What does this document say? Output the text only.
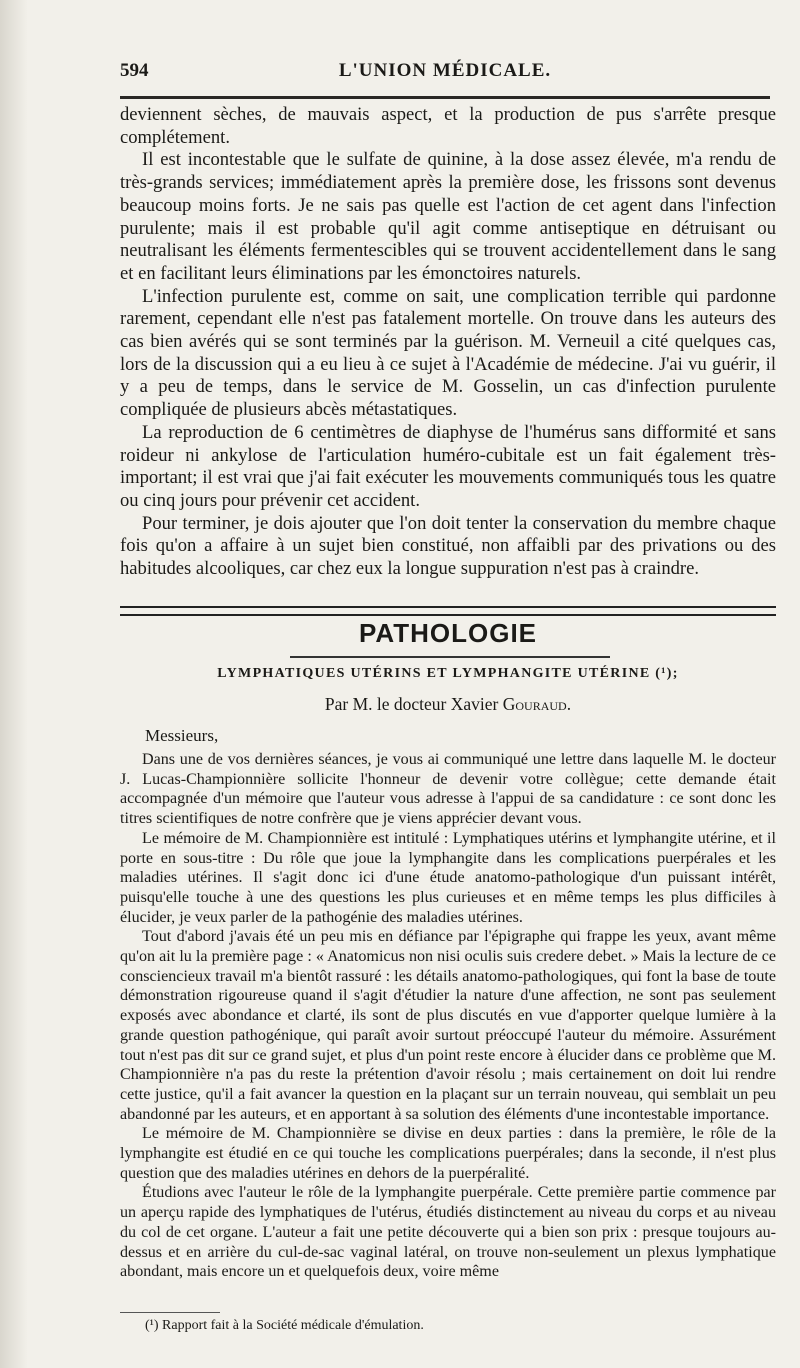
594	L'UNION MÉDICALE.

deviennent sèches, de mauvais aspect, et la production de pus s'arrête presque complétement.

Il est incontestable que le sulfate de quinine, à la dose assez élevée, m'a rendu de très-grands services; immédiatement après la première dose, les frissons sont devenus beaucoup moins forts. Je ne sais pas quelle est l'action de cet agent dans l'infection purulente; mais il est probable qu'il agit comme antiseptique en détruisant ou neutralisant les éléments fermentescibles qui se trouvent accidentellement dans le sang et en facilitant leurs éliminations par les émonctoires naturels.

L'infection purulente est, comme on sait, une complication terrible qui pardonne rarement, cependant elle n'est pas fatalement mortelle. On trouve dans les auteurs des cas bien avérés qui se sont terminés par la guérison. M. Verneuil a cité quelques cas, lors de la discussion qui a eu lieu à ce sujet à l'Académie de médecine. J'ai vu guérir, il y a peu de temps, dans le service de M. Gosselin, un cas d'infection purulente compliquée de plusieurs abcès métastatiques.

La reproduction de 6 centimètres de diaphyse de l'humérus sans difformité et sans roideur ni ankylose de l'articulation huméro-cubitale est un fait également très-important; il est vrai que j'ai fait exécuter les mouvements communiqués tous les quatre ou cinq jours pour prévenir cet accident.

Pour terminer, je dois ajouter que l'on doit tenter la conservation du membre chaque fois qu'on a affaire à un sujet bien constitué, non affaibli par des privations ou des habitudes alcooliques, car chez eux la longue suppuration n'est pas à craindre.

PATHOLOGIE
LYMPHATIQUES UTÉRINS ET LYMPHANGITE UTÉRINE (¹);
Par M. le docteur Xavier Gouraud.
Messieurs,

Dans une de vos dernières séances, je vous ai communiqué une lettre dans laquelle M. le docteur J. Lucas-Championnière sollicite l'honneur de devenir votre collègue; cette demande était accompagnée d'un mémoire que l'auteur vous adresse à l'appui de sa candidature : ce sont donc les titres scientifiques de notre confrère que je viens apprécier devant vous.

Le mémoire de M. Championnière est intitulé : Lymphatiques utérins et lymphangite utérine, et il porte en sous-titre : Du rôle que joue la lymphangite dans les complications puerpérales et les maladies utérines. Il s'agit donc ici d'une étude anatomo-pathologique d'un puissant intérêt, puisqu'elle touche à une des questions les plus curieuses et en même temps les plus difficiles à élucider, je veux parler de la pathogénie des maladies utérines.

Tout d'abord j'avais été un peu mis en défiance par l'épigraphe qui frappe les yeux, avant même qu'on ait lu la première page : « Anatomicus non nisi oculis suis credere debet. » Mais la lecture de ce consciencieux travail m'a bientôt rassuré : les détails anatomo-pathologiques, qui font la base de toute démonstration rigoureuse quand il s'agit d'étudier la nature d'une affection, ne sont pas seulement exposés avec abondance et clarté, ils sont de plus discutés en vue d'apporter quelque lumière à la grande question pathogénique, qui paraît avoir surtout préoccupé l'auteur du mémoire. Assurément tout n'est pas dit sur ce grand sujet, et plus d'un point reste encore à élucider dans ce problème que M. Championnière n'a pas du reste la prétention d'avoir résolu ; mais certainement on doit lui rendre cette justice, qu'il a fait avancer la question en la plaçant sur un terrain nouveau, qui semblait un peu abandonné par les auteurs, et en apportant à sa solution des éléments d'une incontestable importance.

Le mémoire de M. Championnière se divise en deux parties : dans la première, le rôle de la lymphangite est étudié en ce qui touche les complications puerpérales; dans la seconde, il n'est plus question que des maladies utérines en dehors de la puerpéralité.

Étudions avec l'auteur le rôle de la lymphangite puerpérale. Cette première partie commence par un aperçu rapide des lymphatiques de l'utérus, étudiés distinctement au niveau du corps et au niveau du col de cet organe. L'auteur a fait une petite découverte qui a bien son prix : presque toujours au-dessus et en arrière du cul-de-sac vaginal latéral, on trouve non-seulement un plexus lymphatique abondant, mais encore un et quelquefois deux, voire même

(¹) Rapport fait à la Société médicale d'émulation.
